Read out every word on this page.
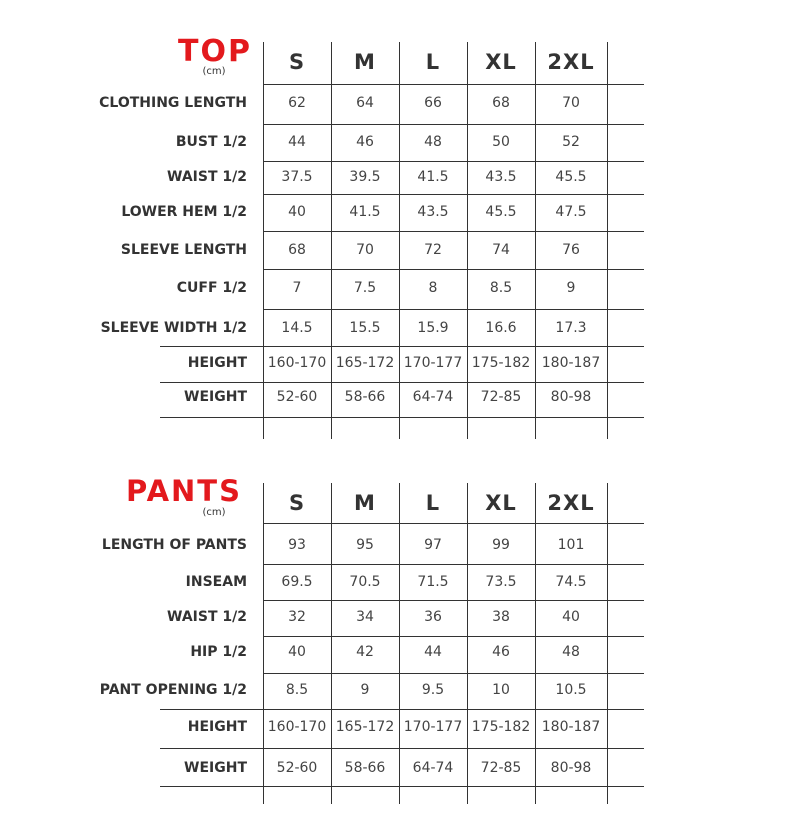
TOP
(cm)	S	M	L	XL	2XL
CLOTHING LENGTH	62	64	66	68	70
BUST 1/2	44	46	48	50	52
WAIST 1/2	37.5	39.5	41.5	43.5	45.5
LOWER HEM 1/2	40	41.5	43.5	45.5	47.5
SLEEVE LENGTH	68	70	72	74	76
CUFF 1/2	7	7.5	8	8.5	9
SLEEVE WIDTH 1/2	14.5	15.5	15.9	16.6	17.3
HEIGHT	160-170 165-172 170-177 175-182 180-187
WEIGHT	52-60	58-66	64-74	72-85	80-98
PANTS
(cm)	S	M	L	XL	2XL
LENGTH OF PANTS	93	95	97	99	101
INSEAM	69.5	70.5	71.5	73.5	74.5
WAIST 1/2	32	34	36	38	40
HIP 1/2	40	42	44	46	48
PANT OPENING 1/2	8.5	9	9.5	10	10.5
HEIGHT	160-170 165-172 170-177 175-182 180-187
WEIGHT	52-60	58-66	64-74	72-85	80-98
